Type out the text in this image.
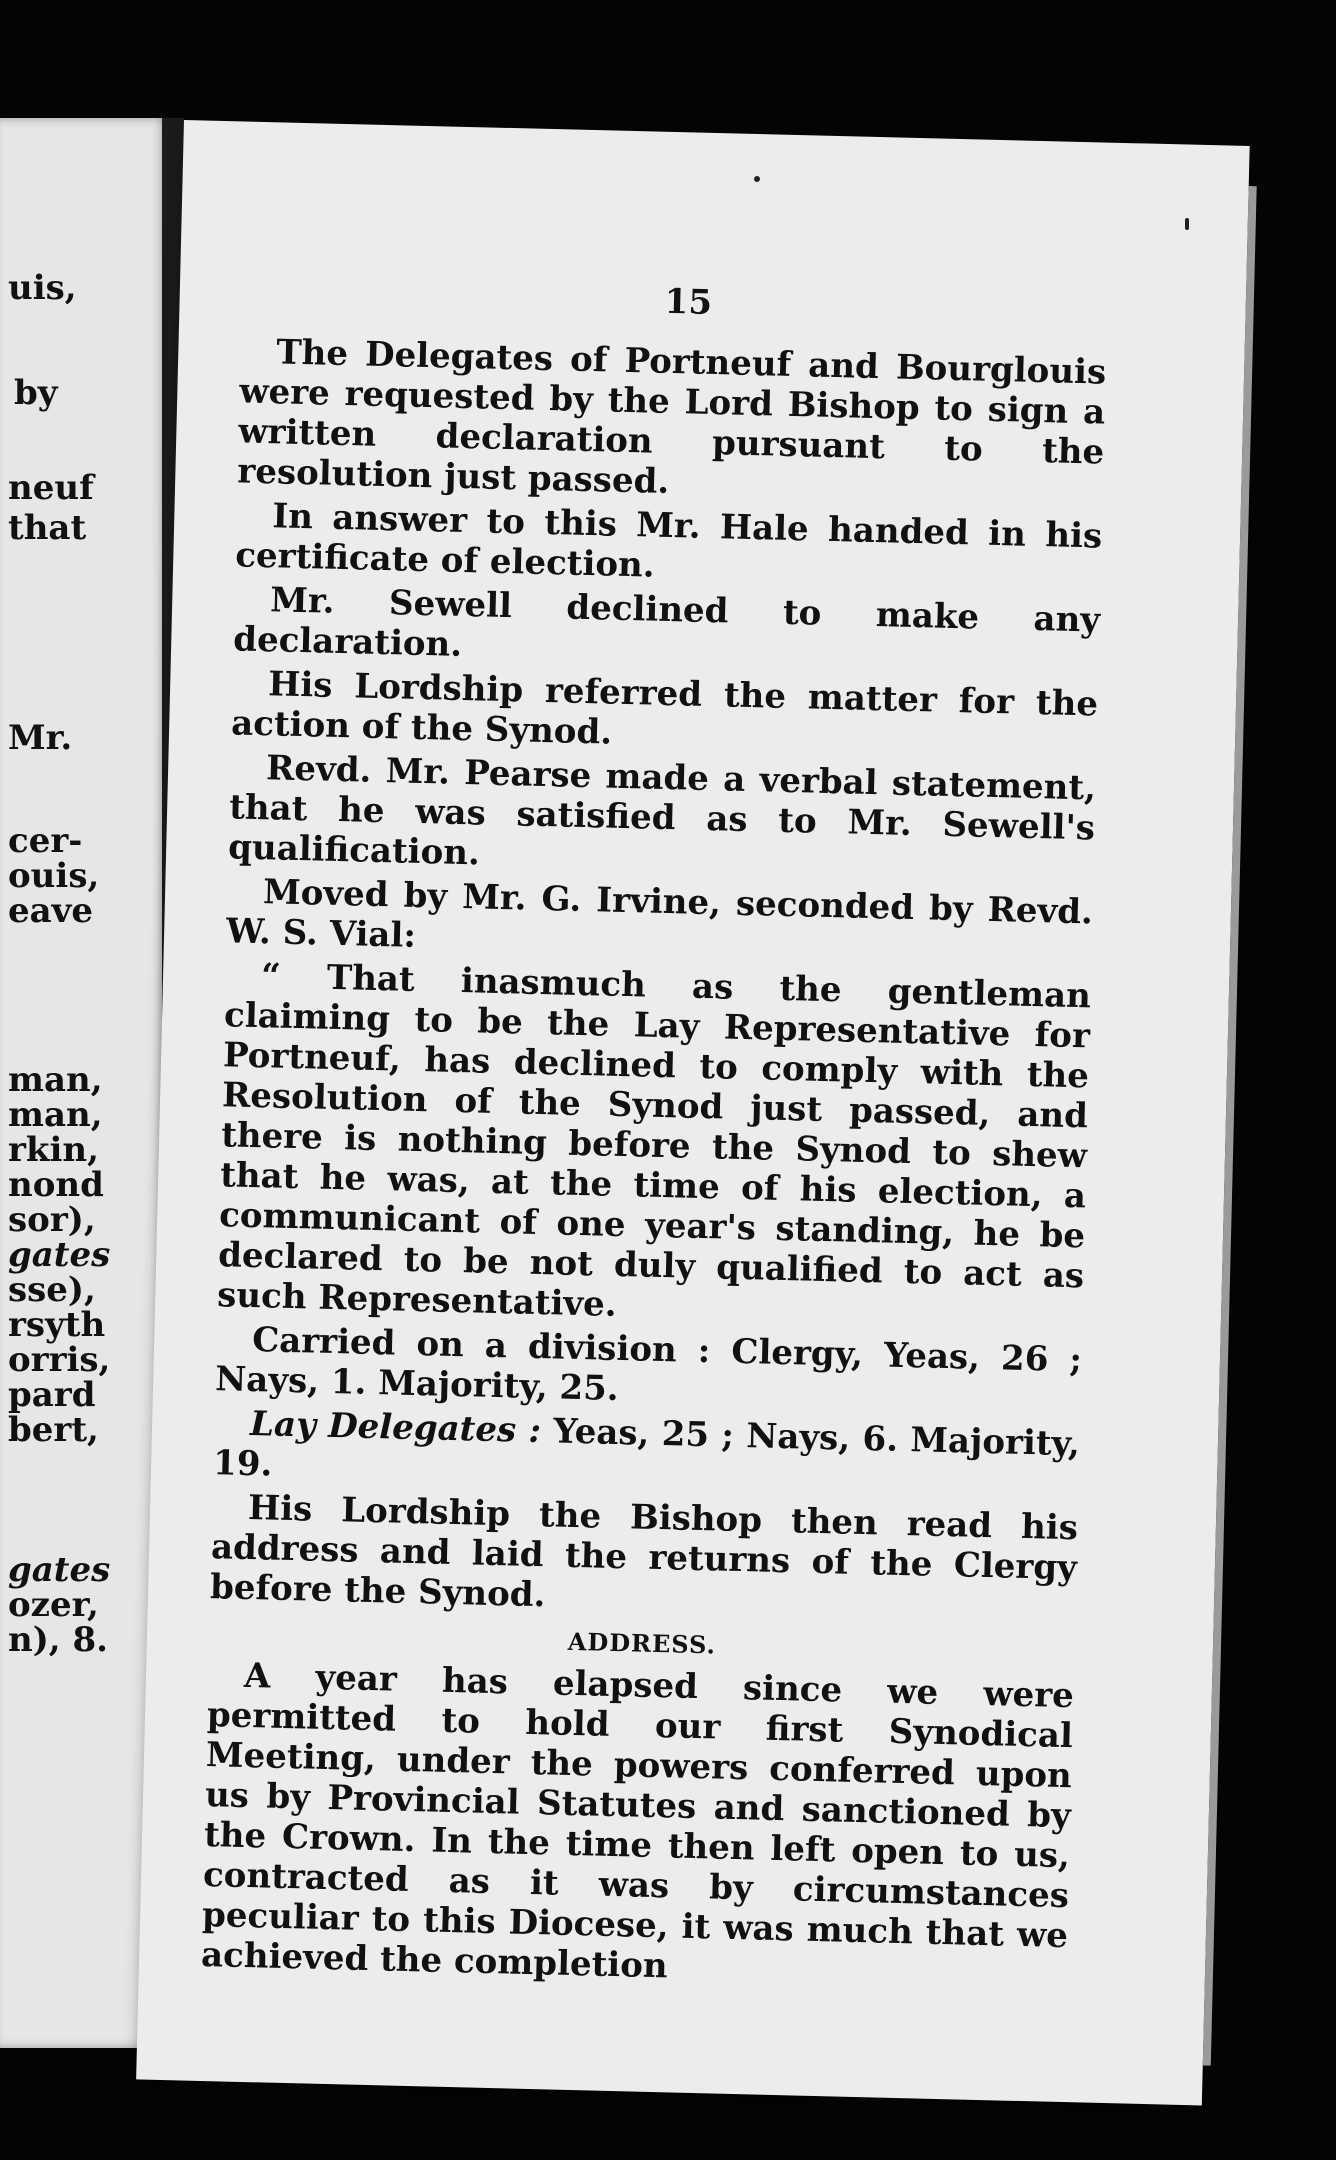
uis,
by
neuf
that
Mr.
cer-
ouis,
eave
man,
man,
rkin,
nond
sor),
gates
sse),
rsyth
orris,
pard
bert,
gates
ozer,
n), 8.
15

The Delegates of Portneuf and Bourglouis were requested by the Lord Bishop to sign a written declaration pursuant to the resolution just passed.

In answer to this Mr. Hale handed in his certificate of election.

Mr. Sewell declined to make any declaration.

His Lordship referred the matter for the action of the Synod.

Revd. Mr. Pearse made a verbal statement, that he was satisfied as to Mr. Sewell's qualification.

Moved by Mr. G. Irvine, seconded by Revd. W. S. Vial:

“ That inasmuch as the gentleman claiming to be the Lay Representative for Portneuf, has declined to comply with the Resolution of the Synod just passed, and there is nothing before the Synod to shew that he was, at the time of his election, a communicant of one year's standing, he be declared to be not duly qualified to act as such Representative.

Carried on a division : Clergy, Yeas, 26 ; Nays, 1. Majority, 25.

Lay Delegates : Yeas, 25 ; Nays, 6. Majority, 19.

His Lordship the Bishop then read his address and laid the returns of the Clergy before the Synod.

ADDRESS.

A year has elapsed since we were permitted to hold our first Synodical Meeting, under the powers conferred upon us by Provincial Statutes and sanctioned by the Crown. In the time then left open to us, contracted as it was by circumstances peculiar to this Diocese, it was much that we achieved the completion
